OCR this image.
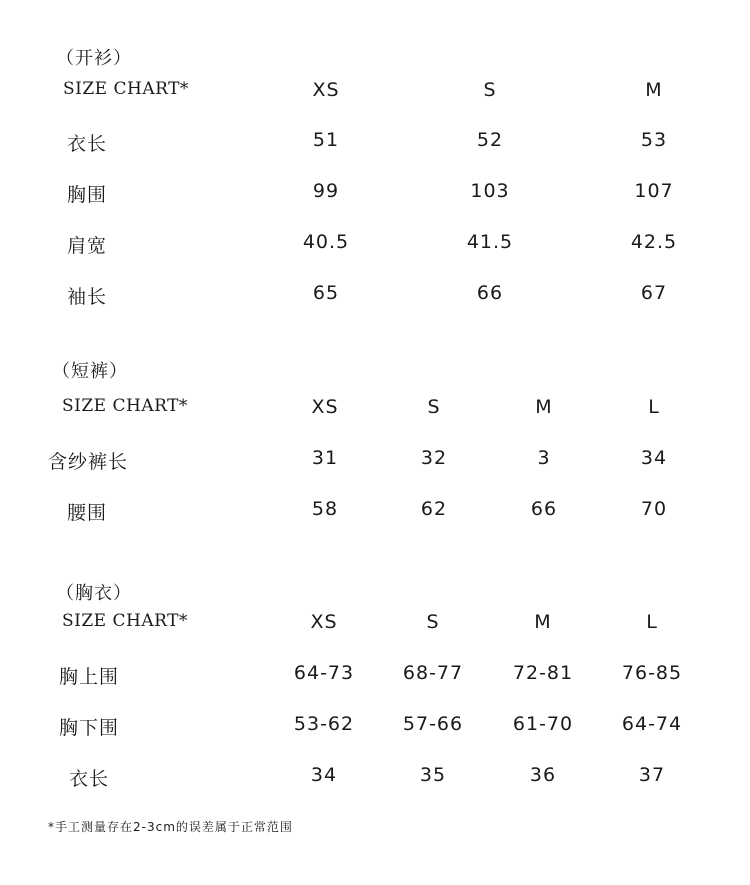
（开衫）
SIZE CHART*	XS	S	M
衣长	51	52	53
胸围	99	103	107
肩宽	40.5	41.5	42.5
袖长	65	66	67
（短裤）
SIZE CHART*	XS	S	M	L
含纱裤长	31	32	3	34
腰围	58	62	66	70
（胸衣）
SIZE CHART*	XS	S	M	L
胸上围	64-73	68-77	72-81	76-85
胸下围	53-62	57-66	61-70	64-74
衣长	34	35	36	37
*手工测量存在2-3cm的误差属于正常范围
